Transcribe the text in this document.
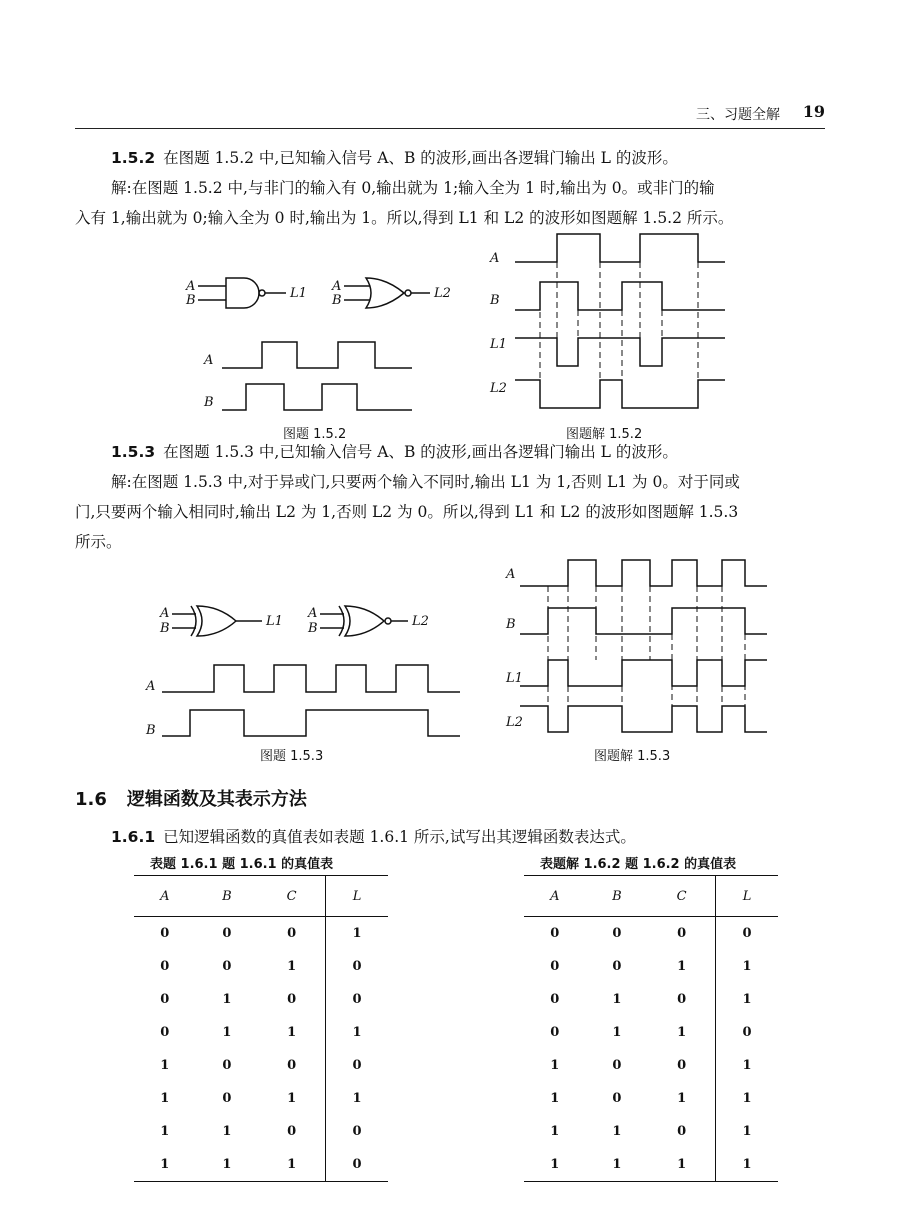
三、习题全解 19
1.5.2 在图题 1.5.2 中,已知输入信号 A、B 的波形,画出各逻辑门输出 L 的波形。
解:在图题 1.5.2 中,与非门的输入有 0,输出就为 1;输入全为 1 时,输出为 0。或非门的输
入有 1,输出就为 0;输入全为 0 时,输出为 1。所以,得到 L1 和 L2 的波形如图题解 1.5.2 所示。
A
B	L1 A
B	L2
A
B
A
B
L1
L2
A
B	L1
A
B	L2
A
B
A
B
L1
L2
图题 1.5.2	图题解 1.5.2
1.5.3 在图题 1.5.3 中,已知输入信号 A、B 的波形,画出各逻辑门输出 L 的波形。
解:在图题 1.5.3 中,对于异或门,只要两个输入不同时,输出 L1 为 1,否则 L1 为 0。对于同或
门,只要两个输入相同时,输出 L2 为 1,否则 L2 为 0。所以,得到 L1 和 L2 的波形如图题解 1.5.3
所示。
图题 1.5.3	图题解 1.5.3
1.6 逻辑函数及其表示方法
1.6.1 已知逻辑函数的真值表如表题 1.6.1 所示,试写出其逻辑函数表达式。
表题 1.6.1 题 1.6.1 的真值表
A	B	C	L
0	0	0	1
0	0	1	0
0	1	0	0
0	1	1	1
1	0	0	0
1	0	1	1
1	1	0	0
1	1	1	0
表题解 1.6.2 题 1.6.2 的真值表
A	B	C	L
0	0	0	0
0	0	1	1
0	1	0	1
0	1	1	0
1	0	0	1
1	0	1	1
1	1	0	1
1	1	1	1
